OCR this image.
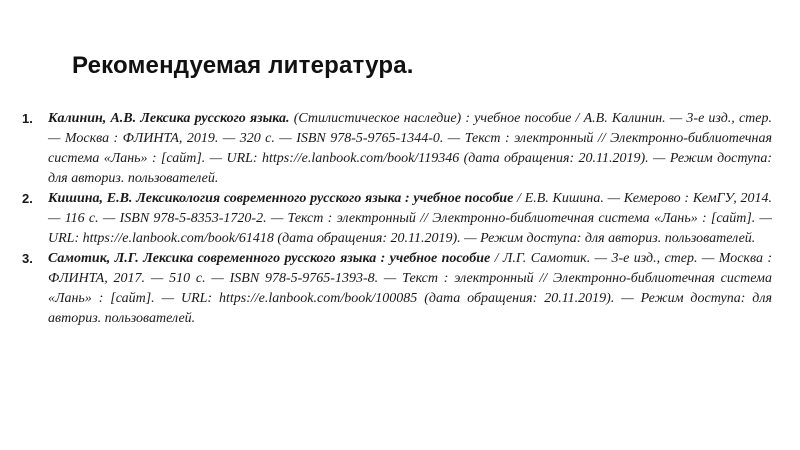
Рекомендуемая литература.
1. Калинин, А.В. Лексика русского языка. (Стилистическое наследие) : учебное пособие / А.В. Калинин. — 3-е изд., стер. — Москва : ФЛИНТА, 2019. — 320 с. — ISBN 978-5-9765-1344-0. — Текст : электронный // Электронно-библиотечная система «Лань» : [сайт]. — URL: https://e.lanbook.com/book/119346 (дата обращения: 20.11.2019). — Режим доступа: для авториз. пользователей.
2. Кишина, Е.В. Лексикология современного русского языка : учебное пособие / Е.В. Кишина. — Кемерово : КемГУ, 2014. — 116 с. — ISBN 978-5-8353-1720-2. — Текст : электронный // Электронно-библиотечная система «Лань» : [сайт]. — URL: https://e.lanbook.com/book/61418 (дата обращения: 20.11.2019). — Режим доступа: для авториз. пользователей.
3. Самотик, Л.Г. Лексика современного русского языка : учебное пособие / Л.Г. Самотик. — 3-е изд., стер. — Москва : ФЛИНТА, 2017. — 510 с. — ISBN 978-5-9765-1393-8. — Текст : электронный // Электронно-библиотечная система «Лань» : [сайт]. — URL: https://e.lanbook.com/book/100085 (дата обращения: 20.11.2019). — Режим доступа: для авториз. пользователей.
